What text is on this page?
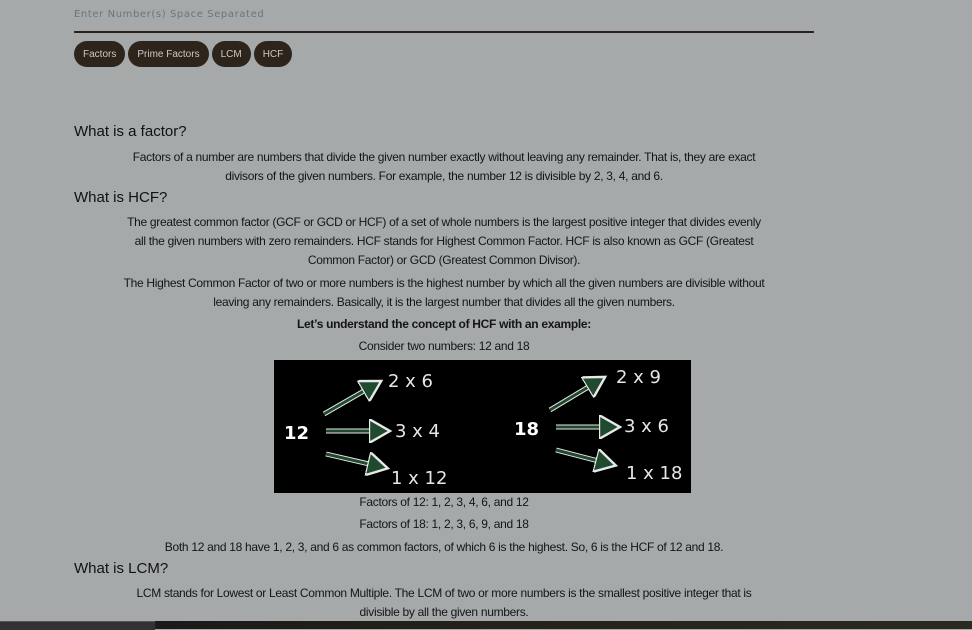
Enter Number(s) Space Separated
Factors	Prime Factors	LCM	HCF
What is a factor?

Factors of a number are numbers that divide the given number exactly without leaving any remainder. That is, they are exact

divisors of the given numbers. For example, the number 12 is divisible by 2, 3, 4, and 6.

What is HCF?

The greatest common factor (GCF or GCD or HCF) of a set of whole numbers is the largest positive integer that divides evenly

all the given numbers with zero remainders. HCF stands for Highest Common Factor. HCF is also known as GCF (Greatest

Common Factor) or GCD (Greatest Common Divisor).

The Highest Common Factor of two or more numbers is the highest number by which all the given numbers are divisible without

leaving any remainders. Basically, it is the largest number that divides all the given numbers.

Let’s understand the concept of HCF with an example:

Consider two numbers: 12 and 18

Factors of 12: 1, 2, 3, 4, 6, and 12

Factors of 18: 1, 2, 3, 6, 9, and 18

Both 12 and 18 have 1, 2, 3, and 6 as common factors, of which 6 is the highest. So, 6 is the HCF of 12 and 18.

What is LCM?

LCM stands for Lowest or Least Common Multiple. The LCM of two or more numbers is the smallest positive integer that is

divisible by all the given numbers.

12
2 x 6
3 x 4
1 x 12
18
2 x 9
3 x 6
1 x 18
